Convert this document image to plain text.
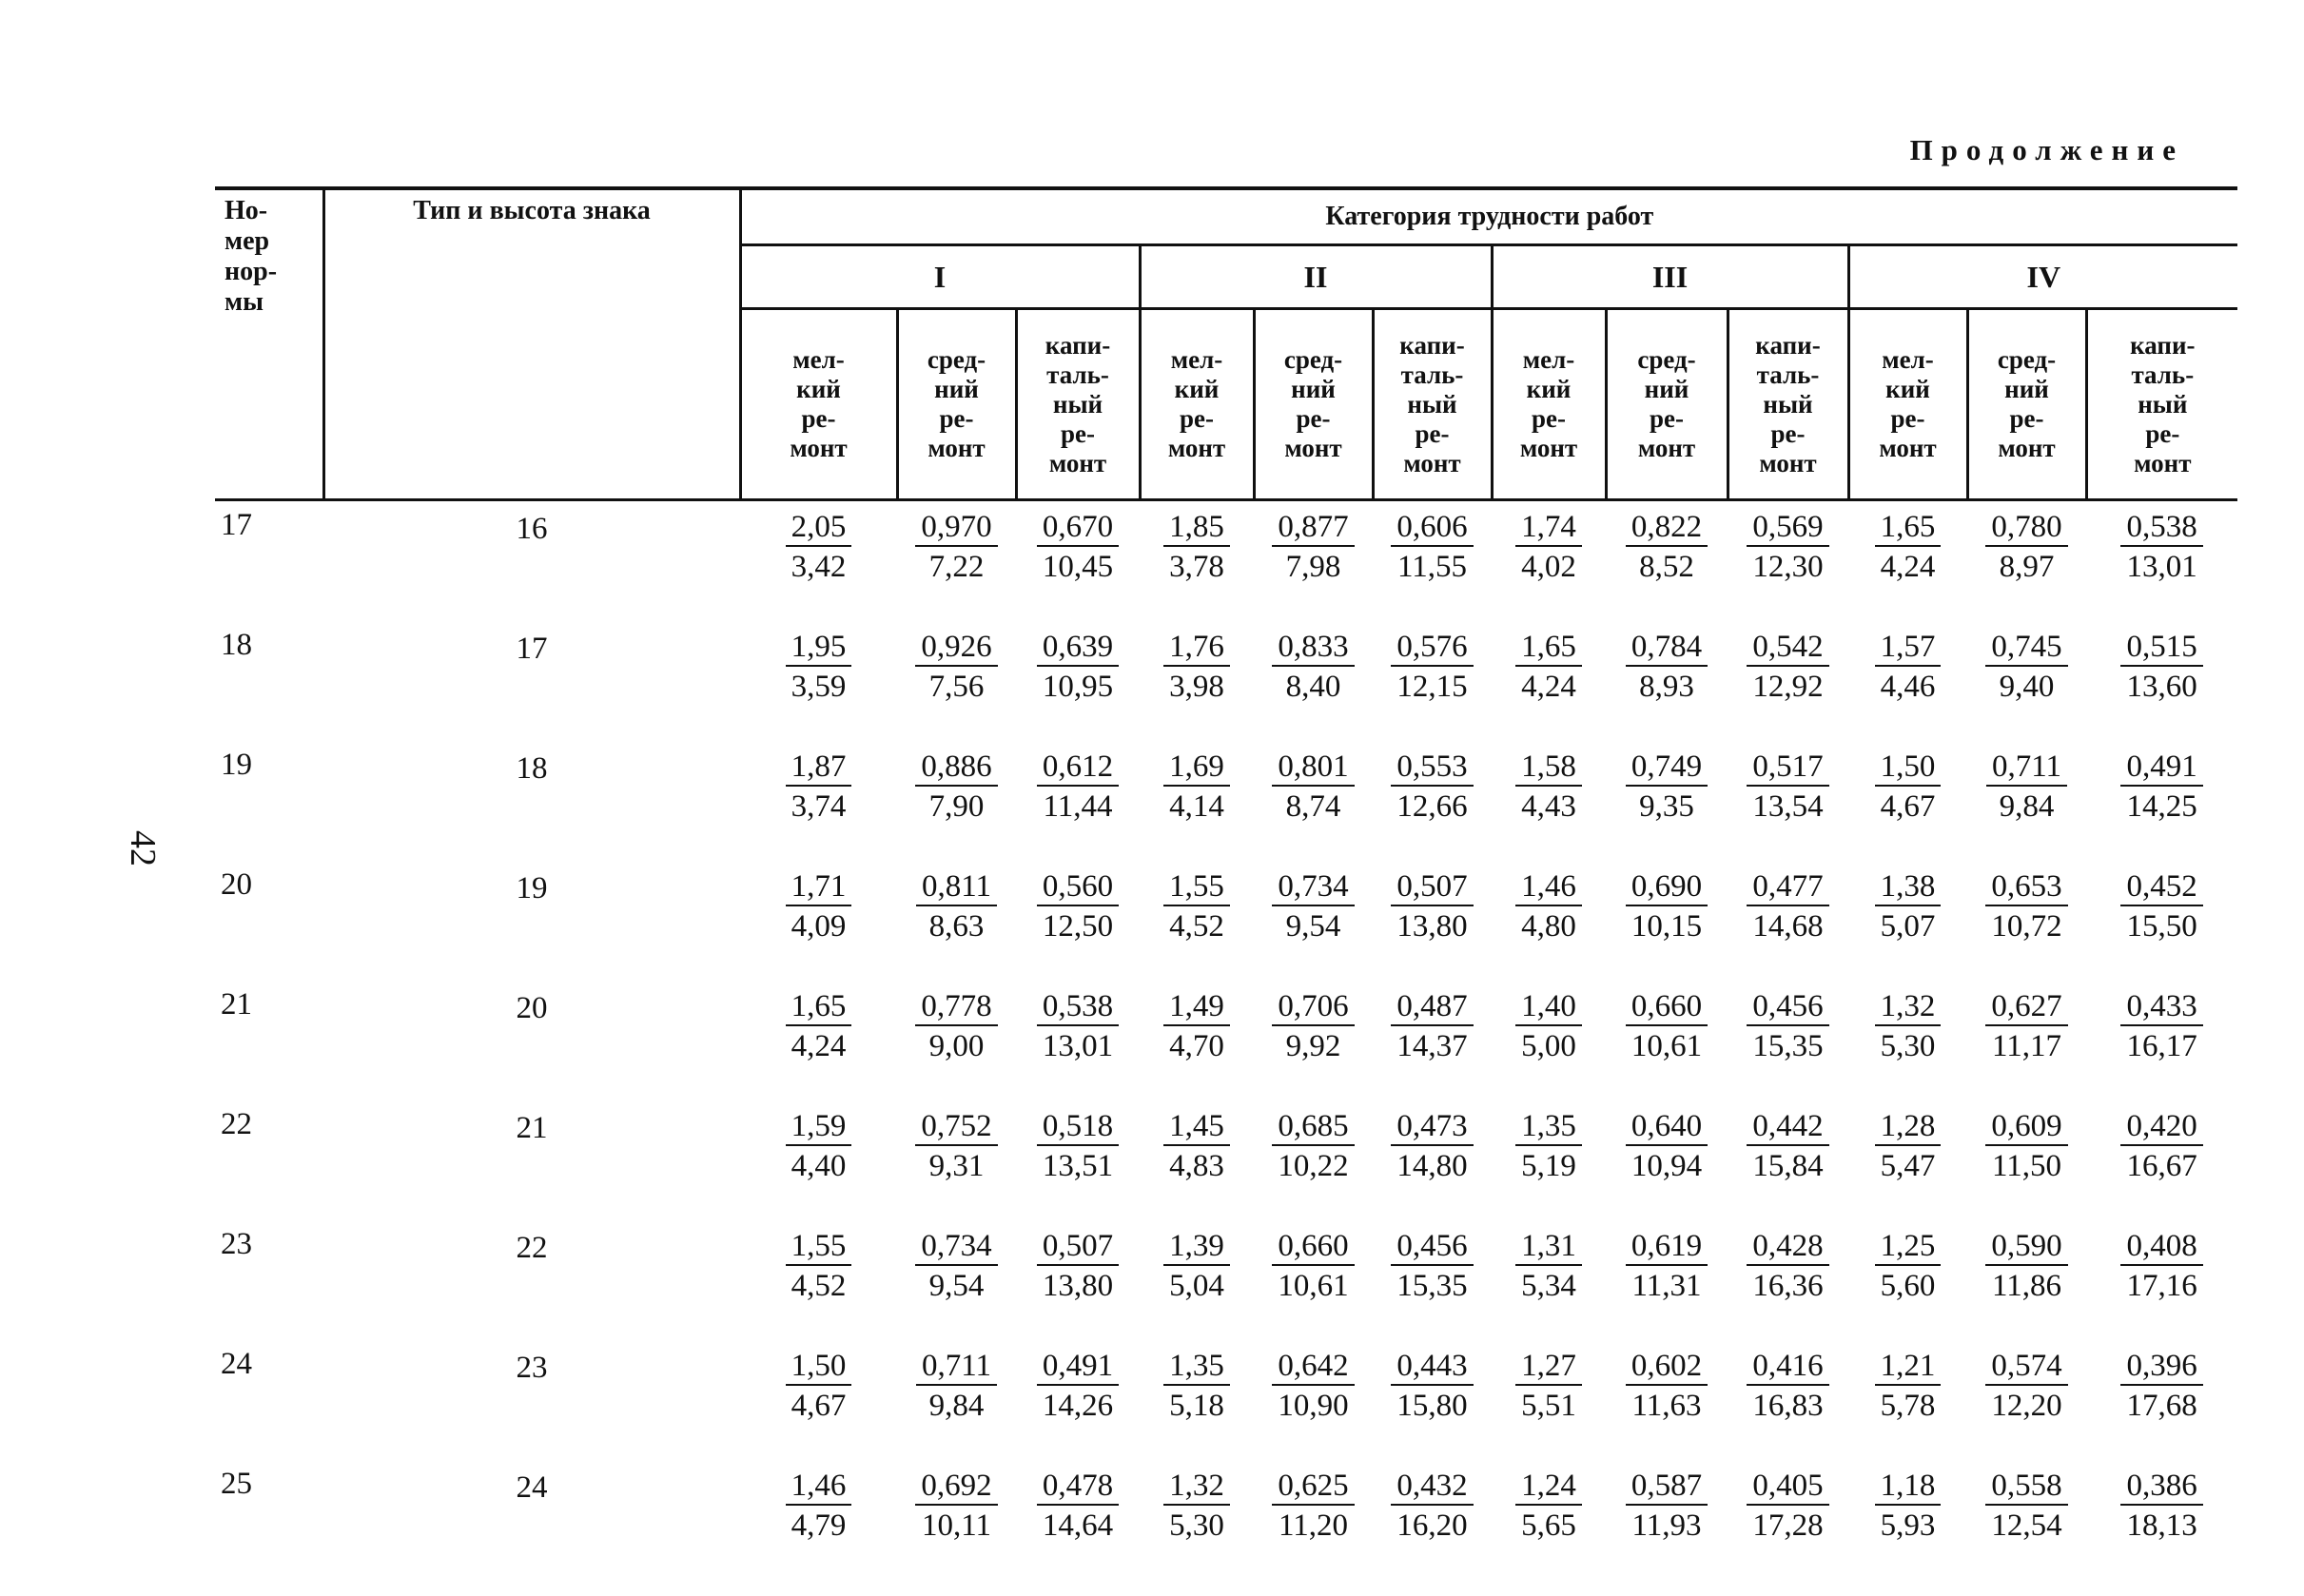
42
Продолжение
Но-
мер
нор-
мы	Тип и высота знака	Категория трудности работ											
		I			II			III			IV		
		мел-
кий
ре-
монт	сред-
ний
ре-
монт	капи-
таль-
ный
ре-
монт	мел-
кий
ре-
монт	сред-
ний
ре-
монт	капи-
таль-
ный
ре-
монт	мел-
кий
ре-
монт	сред-
ний
ре-
монт	капи-
таль-
ный
ре-
монт	мел-
кий
ре-
монт	сред-
ний
ре-
монт	капи-
таль-
ный
ре-
монт
17	16	$\frac{2,05}{3,42}$	$\frac{0,970}{7,22}$	$\frac{0,670}{10,45}$	$\frac{1,85}{3,78}$	$\frac{0,877}{7,98}$	$\frac{0,606}{11,55}$	$\frac{1,74}{4,02}$	$\frac{0,822}{8,52}$	$\frac{0,569}{12,30}$	$\frac{1,65}{4,24}$	$\frac{0,780}{8,97}$	$\frac{0,538}{13,01}$

18	17	$\frac{1,95}{3,59}$	$\frac{0,926}{7,56}$	$\frac{0,639}{10,95}$	$\frac{1,76}{3,98}$	$\frac{0,833}{8,40}$	$\frac{0,576}{12,15}$	$\frac{1,65}{4,24}$	$\frac{0,784}{8,93}$	$\frac{0,542}{12,92}$	$\frac{1,57}{4,46}$	$\frac{0,745}{9,40}$	$\frac{0,515}{13,60}$

19	18	$\frac{1,87}{3,74}$	$\frac{0,886}{7,90}$	$\frac{0,612}{11,44}$	$\frac{1,69}{4,14}$	$\frac{0,801}{8,74}$	$\frac{0,553}{12,66}$	$\frac{1,58}{4,43}$	$\frac{0,749}{9,35}$	$\frac{0,517}{13,54}$	$\frac{1,50}{4,67}$	$\frac{0,711}{9,84}$	$\frac{0,491}{14,25}$

20	19	$\frac{1,71}{4,09}$	$\frac{0,811}{8,63}$	$\frac{0,560}{12,50}$	$\frac{1,55}{4,52}$	$\frac{0,734}{9,54}$	$\frac{0,507}{13,80}$	$\frac{1,46}{4,80}$	$\frac{0,690}{10,15}$	$\frac{0,477}{14,68}$	$\frac{1,38}{5,07}$	$\frac{0,653}{10,72}$	$\frac{0,452}{15,50}$

21	20	$\frac{1,65}{4,24}$	$\frac{0,778}{9,00}$	$\frac{0,538}{13,01}$	$\frac{1,49}{4,70}$	$\frac{0,706}{9,92}$	$\frac{0,487}{14,37}$	$\frac{1,40}{5,00}$	$\frac{0,660}{10,61}$	$\frac{0,456}{15,35}$	$\frac{1,32}{5,30}$	$\frac{0,627}{11,17}$	$\frac{0,433}{16,17}$

22	21	$\frac{1,59}{4,40}$	$\frac{0,752}{9,31}$	$\frac{0,518}{13,51}$	$\frac{1,45}{4,83}$	$\frac{0,685}{10,22}$	$\frac{0,473}{14,80}$	$\frac{1,35}{5,19}$	$\frac{0,640}{10,94}$	$\frac{0,442}{15,84}$	$\frac{1,28}{5,47}$	$\frac{0,609}{11,50}$	$\frac{0,420}{16,67}$

23	22	$\frac{1,55}{4,52}$	$\frac{0,734}{9,54}$	$\frac{0,507}{13,80}$	$\frac{1,39}{5,04}$	$\frac{0,660}{10,61}$	$\frac{0,456}{15,35}$	$\frac{1,31}{5,34}$	$\frac{0,619}{11,31}$	$\frac{0,428}{16,36}$	$\frac{1,25}{5,60}$	$\frac{0,590}{11,86}$	$\frac{0,408}{17,16}$

24	23	$\frac{1,50}{4,67}$	$\frac{0,711}{9,84}$	$\frac{0,491}{14,26}$	$\frac{1,35}{5,18}$	$\frac{0,642}{10,90}$	$\frac{0,443}{15,80}$	$\frac{1,27}{5,51}$	$\frac{0,602}{11,63}$	$\frac{0,416}{16,83}$	$\frac{1,21}{5,78}$	$\frac{0,574}{12,20}$	$\frac{0,396}{17,68}$

25	24	$\frac{1,46}{4,79}$	$\frac{0,692}{10,11}$	$\frac{0,478}{14,64}$	$\frac{1,32}{5,30}$	$\frac{0,625}{11,20}$	$\frac{0,432}{16,20}$	$\frac{1,24}{5,65}$	$\frac{0,587}{11,93}$	$\frac{0,405}{17,28}$	$\frac{1,18}{5,93}$	$\frac{0,558}{12,54}$	$\frac{0,386}{18,13}$
